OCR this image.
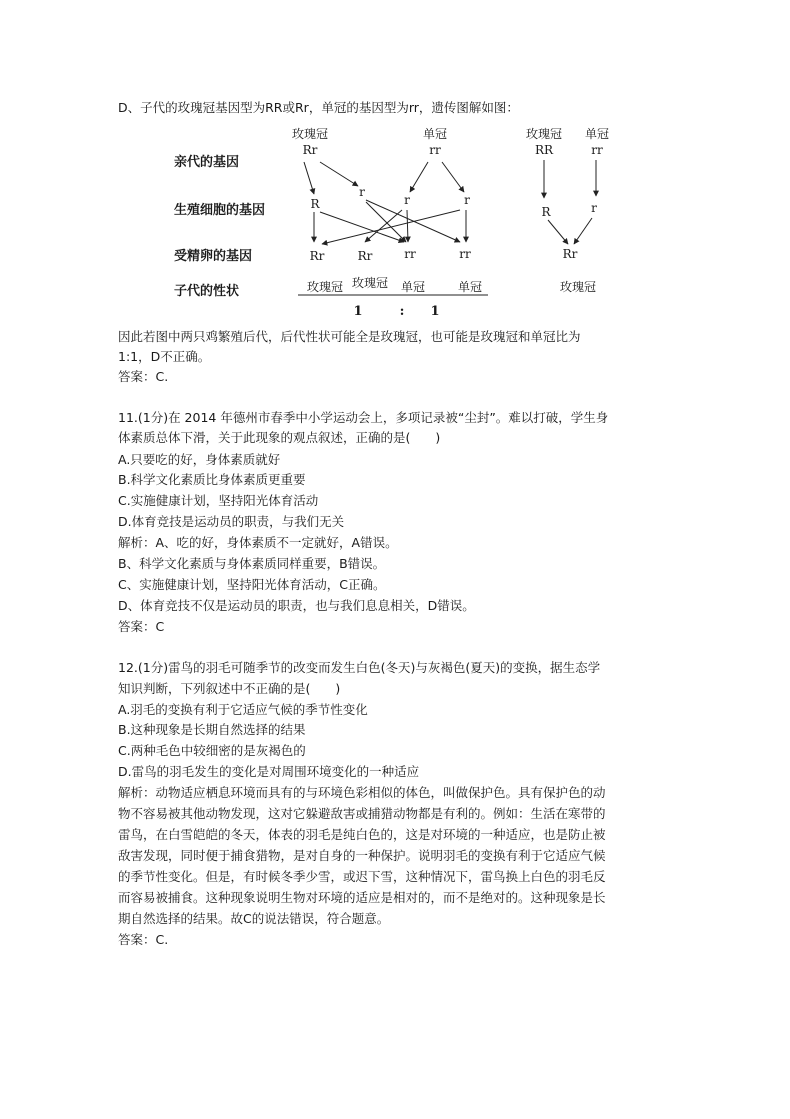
D、子代的玫瑰冠基因型为RR或Rr，单冠的基因型为rr，遗传图解如图：
亲代的基因
生殖细胞的基因
受精卵的基因
子代的性状
玫瑰冠
Rr
单冠
rr
R
r
r	r
Rr	Rr	rr	rr
玫瑰冠 玫瑰冠 单冠	单冠
1	: 1
玫瑰冠
RR
单冠
rr
R	r
Rr
玫瑰冠
因此若图中两只鸡繁殖后代，后代性状可能全是玫瑰冠，也可能是玫瑰冠和单冠比为
1:1，D不正确。
答案：C.
11.(1分)在 2014 年德州市春季中小学运动会上，多项记录被“尘封”。难以打破，学生身
体素质总体下滑，关于此现象的观点叙述，正确的是(　　)
A.只要吃的好，身体素质就好
B.科学文化素质比身体素质更重要
C.实施健康计划，坚持阳光体育活动
D.体育竞技是运动员的职责，与我们无关
解析：A、吃的好，身体素质不一定就好，A错误。
B、科学文化素质与身体素质同样重要，B错误。
C、实施健康计划，坚持阳光体育活动，C正确。
D、体育竞技不仅是运动员的职责，也与我们息息相关，D错误。
答案：C
12.(1分)雷鸟的羽毛可随季节的改变而发生白色(冬天)与灰褐色(夏天)的变换，据生态学
知识判断，下列叙述中不正确的是(　　)
A.羽毛的变换有利于它适应气候的季节性变化
B.这种现象是长期自然选择的结果
C.两种毛色中较细密的是灰褐色的
D.雷鸟的羽毛发生的变化是对周围环境变化的一种适应
解析：动物适应栖息环境而具有的与环境色彩相似的体色，叫做保护色。具有保护色的动
物不容易被其他动物发现，这对它躲避敌害或捕猎动物都是有利的。例如：生活在寒带的
雷鸟，在白雪皑皑的冬天，体表的羽毛是纯白色的，这是对环境的一种适应，也是防止被
敌害发现，同时便于捕食猎物，是对自身的一种保护。说明羽毛的变换有利于它适应气候
的季节性变化。但是，有时候冬季少雪，或迟下雪，这种情况下，雷鸟换上白色的羽毛反
而容易被捕食。这种现象说明生物对环境的适应是相对的，而不是绝对的。这种现象是长
期自然选择的结果。故C的说法错误，符合题意。
答案：C.
